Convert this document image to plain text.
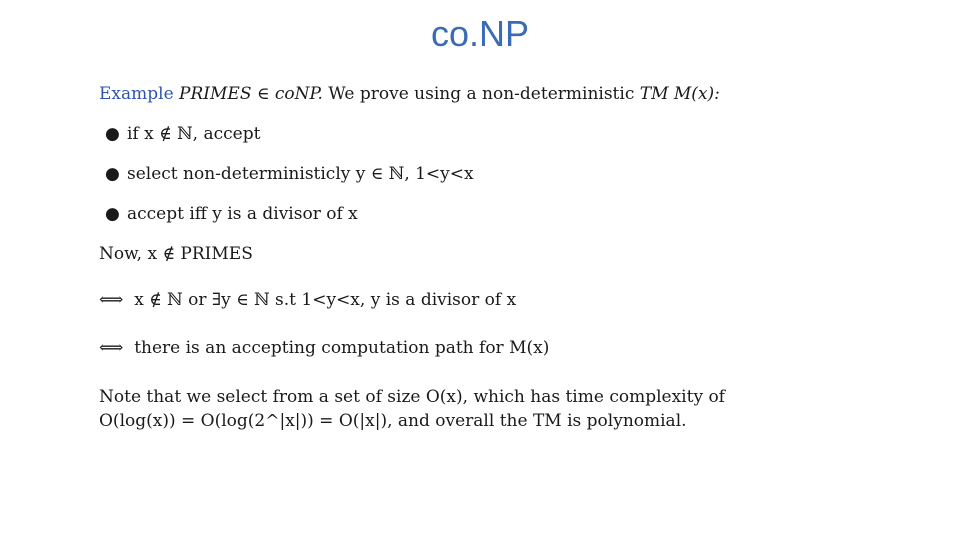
co.NP
Example PRIMES ∈ coNP. We prove using a non-deterministic TM M(x):
● if x ∉ ℕ, accept
● select non-deterministicly y ∈ ℕ, 1<y<x
● accept iff y is a divisor of x
Now, x ∉ PRIMES
⟺ x ∉ ℕ or ∃y ∈ ℕ s.t 1<y<x, y is a divisor of x
⟺ there is an accepting computation path for M(x)
Note that we select from a set of size O(x), which has time complexity of
O(log(x)) = O(log(2^|x|)) = O(|x|), and overall the TM is polynomial.
